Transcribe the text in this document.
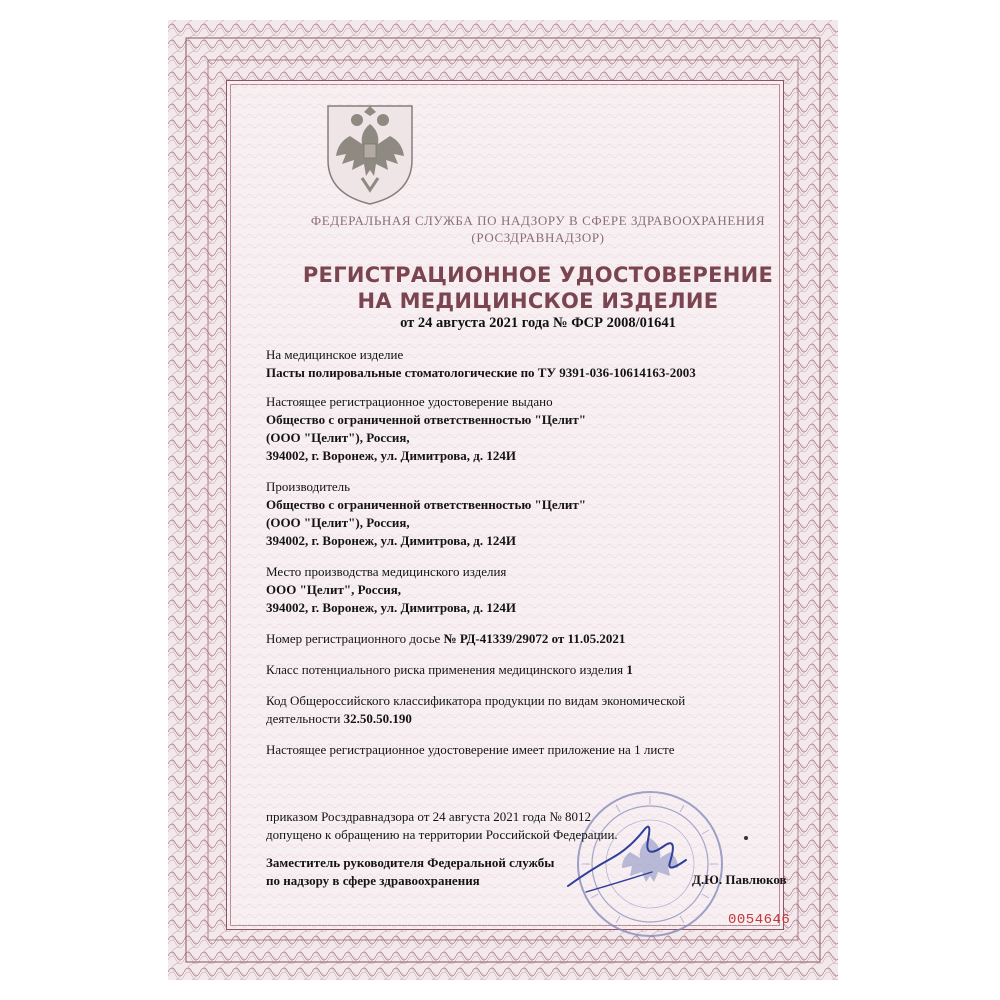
ФЕДЕРАЛЬНАЯ СЛУЖБА ПО НАДЗОРУ В СФЕРЕ ЗДРАВООХРАНЕНИЯ
(РОСЗДРАВНАДЗОР)
РЕГИСТРАЦИОННОЕ УДОСТОВЕРЕНИЕ
НА МЕДИЦИНСКОЕ ИЗДЕЛИЕ
от 24 августа 2021 года № ФСР 2008/01641

На медицинское изделие

Пасты полировальные стоматологические по ТУ 9391-036-10614163-2003

Настоящее регистрационное удостоверение выдано

Общество с ограниченной ответственностью "Целит"

(ООО "Целит"), Россия,

394002, г. Воронеж, ул. Димитрова, д. 124И

Производитель

Общество с ограниченной ответственностью "Целит"

(ООО "Целит"), Россия,

394002, г. Воронеж, ул. Димитрова, д. 124И

Место производства медицинского изделия

ООО "Целит", Россия,

394002, г. Воронеж, ул. Димитрова, д. 124И

Номер регистрационного досье № РД-41339/29072 от 11.05.2021

Класс потенциального риска применения медицинского изделия 1

Код Общероссийского классификатора продукции по видам экономической

деятельности 32.50.50.190

Настоящее регистрационное удостоверение имеет приложение на 1 листе

приказом Росздравнадзора от 24 августа 2021 года № 8012
допущено к обращению на территории Российской Федерации.
Заместитель руководителя Федеральной службы
по надзору в сфере здравоохранения	Д.Ю. Павлюков
0054646
